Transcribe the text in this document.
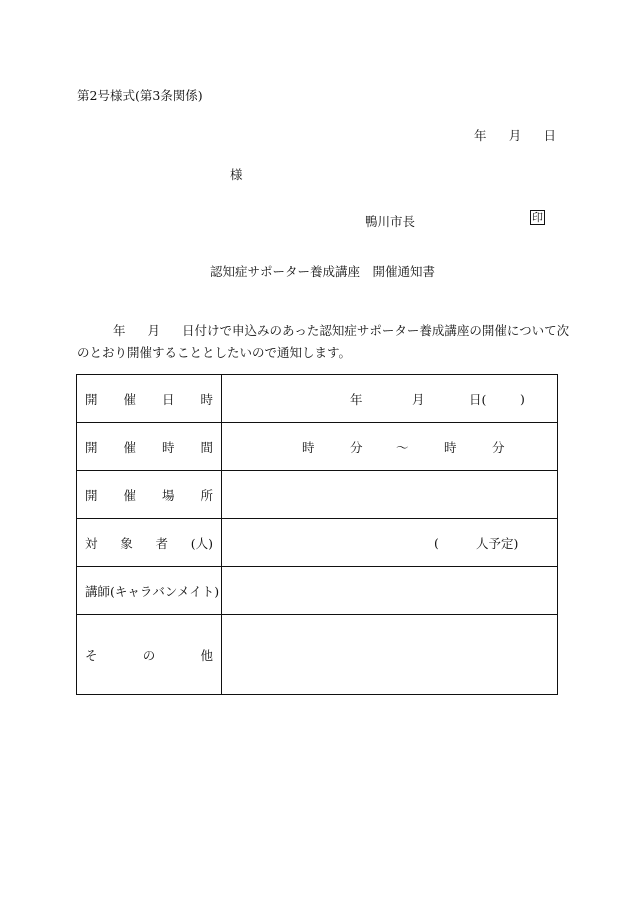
第2号様式(第3条関係)
年 月 日
様
鴨川市長	印
認知症サポーター養成講座　開催通知書
年 月 日付けで申込みのあった認知症サポーター養成講座の開催について次
のとおり開催することとしたいので通知します。
開 催 日 時	年 月 日( )

開 催 時 間	時 分 ～ 時 分

開 催 場 所	

対 象 者 (人)	( 人予定)

講師(キャラバンメイト)	

そ の 他	
